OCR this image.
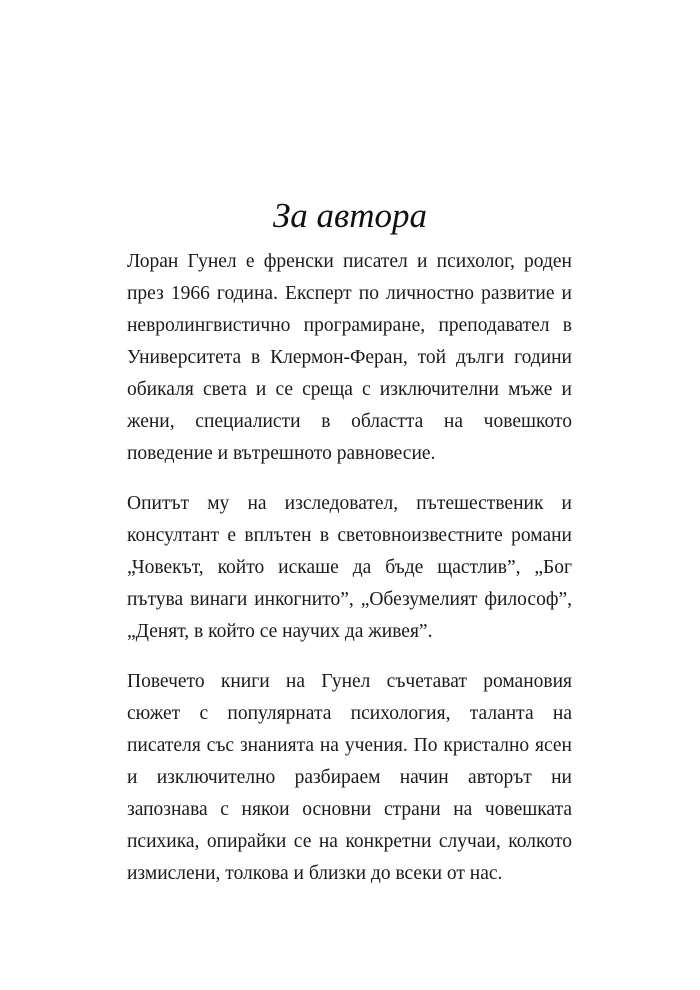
За автора

Лоран Гунел е френски писател и психолог, роден през 1966 година. Експерт по личностно развитие и невролингвистично програмиране, преподавател в Университета в Клермон-Феран, той дълги години обикаля света и се среща с изключителни мъже и жени, специалисти в областта на човешкото поведение и вътрешното равновесие.

Опитът му на изследовател, пътешественик и консултант е вплътен в световноизвестните романи „Човекът, който искаше да бъде щастлив”, „Бог пътува винаги инкогнито”, „Обезумелият философ”, „Денят, в който се научих да живея”.

Повечето книги на Гунел съчетават романовия сюжет с популярната психология, таланта на писателя със знанията на учения. По кристално ясен и изключително разбираем начин авторът ни запознава с някои основни страни на човешката психика, опирайки се на конкретни случаи, колкото измислени, толкова и близки до всеки от нас.
